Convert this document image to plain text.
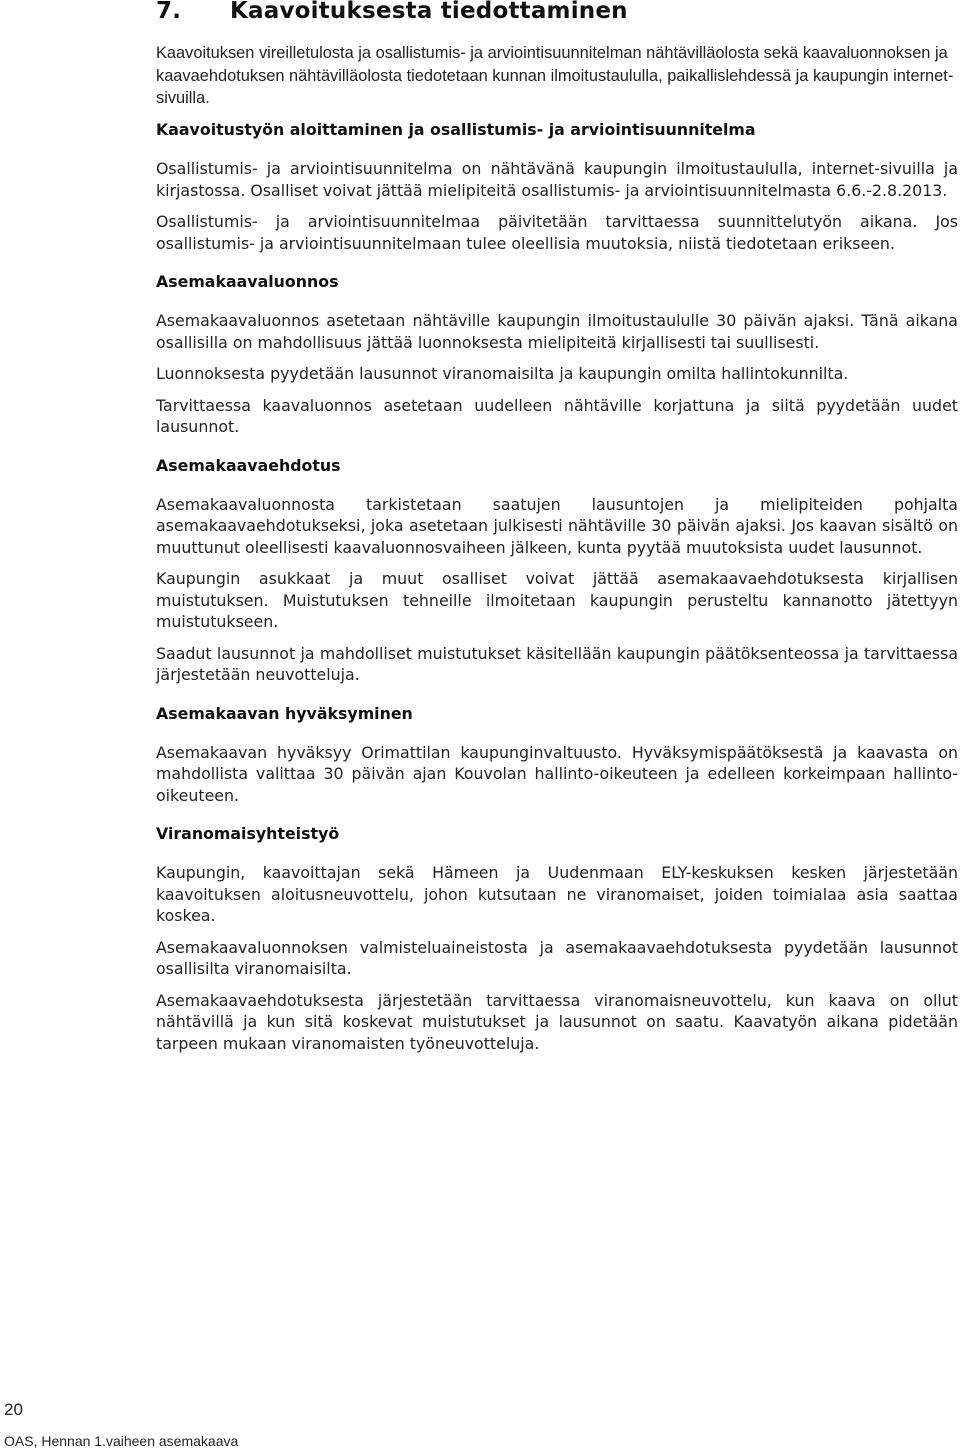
7. Kaavoituksesta tiedottaminen

Kaavoituksen vireilletulosta ja osallistumis- ja arviointisuunnitelman nähtävilläolosta sekä kaavaluonnoksen ja kaavaehdotuksen nähtävilläolosta tiedotetaan kunnan ilmoitustaululla, paikallislehdessä ja kaupungin internet-sivuilla.

Kaavoitustyön aloittaminen ja osallistumis- ja arviointisuunnitelma

Osallistumis- ja arviointisuunnitelma on nähtävänä kaupungin ilmoitustaululla, internet-sivuilla ja kirjastossa. Osalliset voivat jättää mielipiteitä osallistumis- ja arviointisuunnitelmasta 6.6.-2.8.2013.

Osallistumis- ja arviointisuunnitelmaa päivitetään tarvittaessa suunnittelutyön aikana. Jos osallistumis- ja arviointisuunnitelmaan tulee oleellisia muutoksia, niistä tiedotetaan erikseen.

Asemakaavaluonnos

Asemakaavaluonnos asetetaan nähtäville kaupungin ilmoitustaululle 30 päivän ajaksi. Tänä aikana osallisilla on mahdollisuus jättää luonnoksesta mielipiteitä kirjallisesti tai suullisesti.

Luonnoksesta pyydetään lausunnot viranomaisilta ja kaupungin omilta hallintokunnilta.

Tarvittaessa kaavaluonnos asetetaan uudelleen nähtäville korjattuna ja siitä pyydetään uudet lausunnot.

Asemakaavaehdotus

Asemakaavaluonnosta tarkistetaan saatujen lausuntojen ja mielipiteiden pohjalta asemakaavaehdotukseksi, joka asetetaan julkisesti nähtäville 30 päivän ajaksi. Jos kaavan sisältö on muuttunut oleellisesti kaavaluonnosvaiheen jälkeen, kunta pyytää muutoksista uudet lausunnot.

Kaupungin asukkaat ja muut osalliset voivat jättää asemakaavaehdotuksesta kirjallisen muistutuksen. Muistutuksen tehneille ilmoitetaan kaupungin perusteltu kannanotto jätettyyn muistutukseen.

Saadut lausunnot ja mahdolliset muistutukset käsitellään kaupungin päätöksenteossa ja tarvittaessa järjestetään neuvotteluja.

Asemakaavan hyväksyminen

Asemakaavan hyväksyy Orimattilan kaupunginvaltuusto. Hyväksymispäätöksestä ja kaavasta on mahdollista valittaa 30 päivän ajan Kouvolan hallinto-oikeuteen ja edelleen korkeimpaan hallinto-oikeuteen.

Viranomaisyhteistyö

Kaupungin, kaavoittajan sekä Hämeen ja Uudenmaan ELY-keskuksen kesken järjestetään kaavoituksen aloitusneuvottelu, johon kutsutaan ne viranomaiset, joiden toimialaa asia saattaa koskea.

Asemakaavaluonnoksen valmisteluaineistosta ja asemakaavaehdotuksesta pyydetään lausunnot osallisilta viranomaisilta.

Asemakaavaehdotuksesta järjestetään tarvittaessa viranomaisneuvottelu, kun kaava on ollut nähtävillä ja kun sitä koskevat muistutukset ja lausunnot on saatu. Kaavatyön aikana pidetään tarpeen mukaan viranomaisten työneuvotteluja.

20
OAS, Hennan 1.vaiheen asemakaava
